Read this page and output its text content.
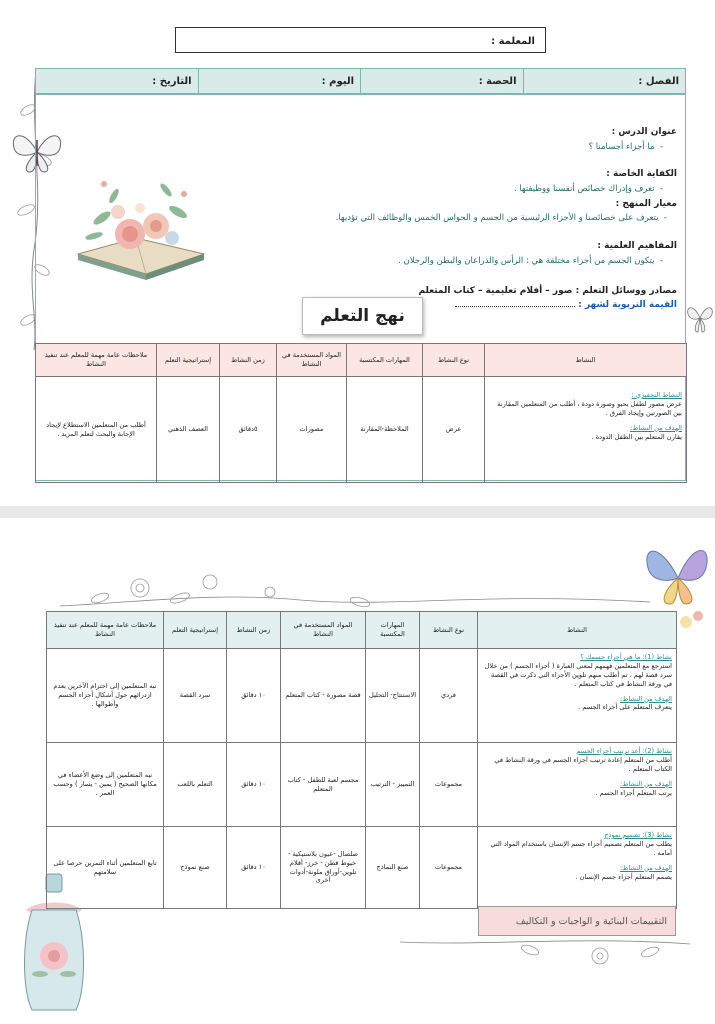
المعلمة :
الفصل :
الحصة :
اليوم :
التاريخ :
عنوان الدرس :
-  ما أجزاء أجسامنا ؟
الكفاية الخاصة :
-  تعرف وإدراك خصائص أنفسنا ووظيفتها .
معيار المنهج :
-  يتعرف على خصائصنا و الأجزاء الرئيسية من الجسم و الحواس الخمس والوظائف التي تؤديها.
المفاهيم العلمية :
-  يتكون الجسم من أجزاء مختلفة هي : الرأس والذراعان والبطن والرجلان .
مصادر ووسائل التعلم : صور – أفلام تعليمية – كتاب المتعلم
القيمة التربوية لشهر :
نهج التعلم
النشاط	نوع النشاط	المهارات المكتسبة	المواد المستخدمة في النشاط	زمن النشاط	إستراتيجية التعلم	ملاحظات عامة مهمة للمعلم عند تنفيذ النشاط

النشاط التحفيزي :
عرض مصور لطفل يحبو وصورة دودة ، أطلب من المتعلمين المقارنة بين الصورتين وإيجاد الفرق .
الهدف من النشاط:
يقارن المتعلم بين الطفل الدودة .	عرض	الملاحظة-المقارنة	مصورات	٥دقائق	العصف الذهني	أطلب من المتعلمين الاستطلاع لإيجاد الإجابة والبحث لتعلم المزيد .
النشاط	نوع النشاط	المهارات المكتسبة	المواد المستخدمة في النشاط	زمن النشاط	إستراتيجية التعلم	ملاحظات عامة مهمة للمعلم عند تنفيذ النشاط

نشاط (1): ما هي أجزاء جسمك ؟
استرجع مع المتعلمين فهمهم لمعنى العبارة ( أجزاء الجسم ) من خلال سرد قصة لهم ، ثم أطلب منهم تلوين الأجزاء التي ذكرت في القصة في ورقة النشاط في كتاب المتعلم .
الهدف من النشاط:
يتعرف المتعلم على أجزاء الجسم .	فردي	الاستنتاج- التحليل	قصة مصورة - كتاب المتعلم	١٠ دقائق	سرد القصة	نبه المتعلمين إلى احترام الآخرين بعدم ازدرائهم حول أشكال أجزاء الجسم وأطوالها .

نشاط (2): أعد ترتيب أجزاء الجسم
أطلب من المتعلم إعادة ترتيب أجزاء الجسم في ورقة النشاط في الكتاب المتعلم .
الهدف من النشاط:
يرتب المتعلم أجزاء الجسم .	مجموعات	التمييز - الترتيب	مجسم لعبة للطفل - كتاب المتعلم	١٠ دقائق	التعلم باللعب	نبه المتعلمين إلى وضع الأعضاء في مكانها الصحيح ( يمين - يسار ) وحسب العمر .

نشاط (3): تصميم نموذج
يطلب من المتعلم تصميم أجزاء جسم الإنسان باستخدام المواد التي أمامه .
الهدف من النشاط:
يصمم المتعلم أجزاء جسم الإنسان .	مجموعات	صنع النماذج	صلصال -عيون بلاستيكية - خيوط قطن - خرز- أقلام تلوين-أوراق ملونة-أدوات أخرى	١٠ دقائق	صنع نموذج	تابع المتعلمين أثناء التمرين حرصا على سلامتهم
التقييمات البنائية و الواجبات و التكاليف
